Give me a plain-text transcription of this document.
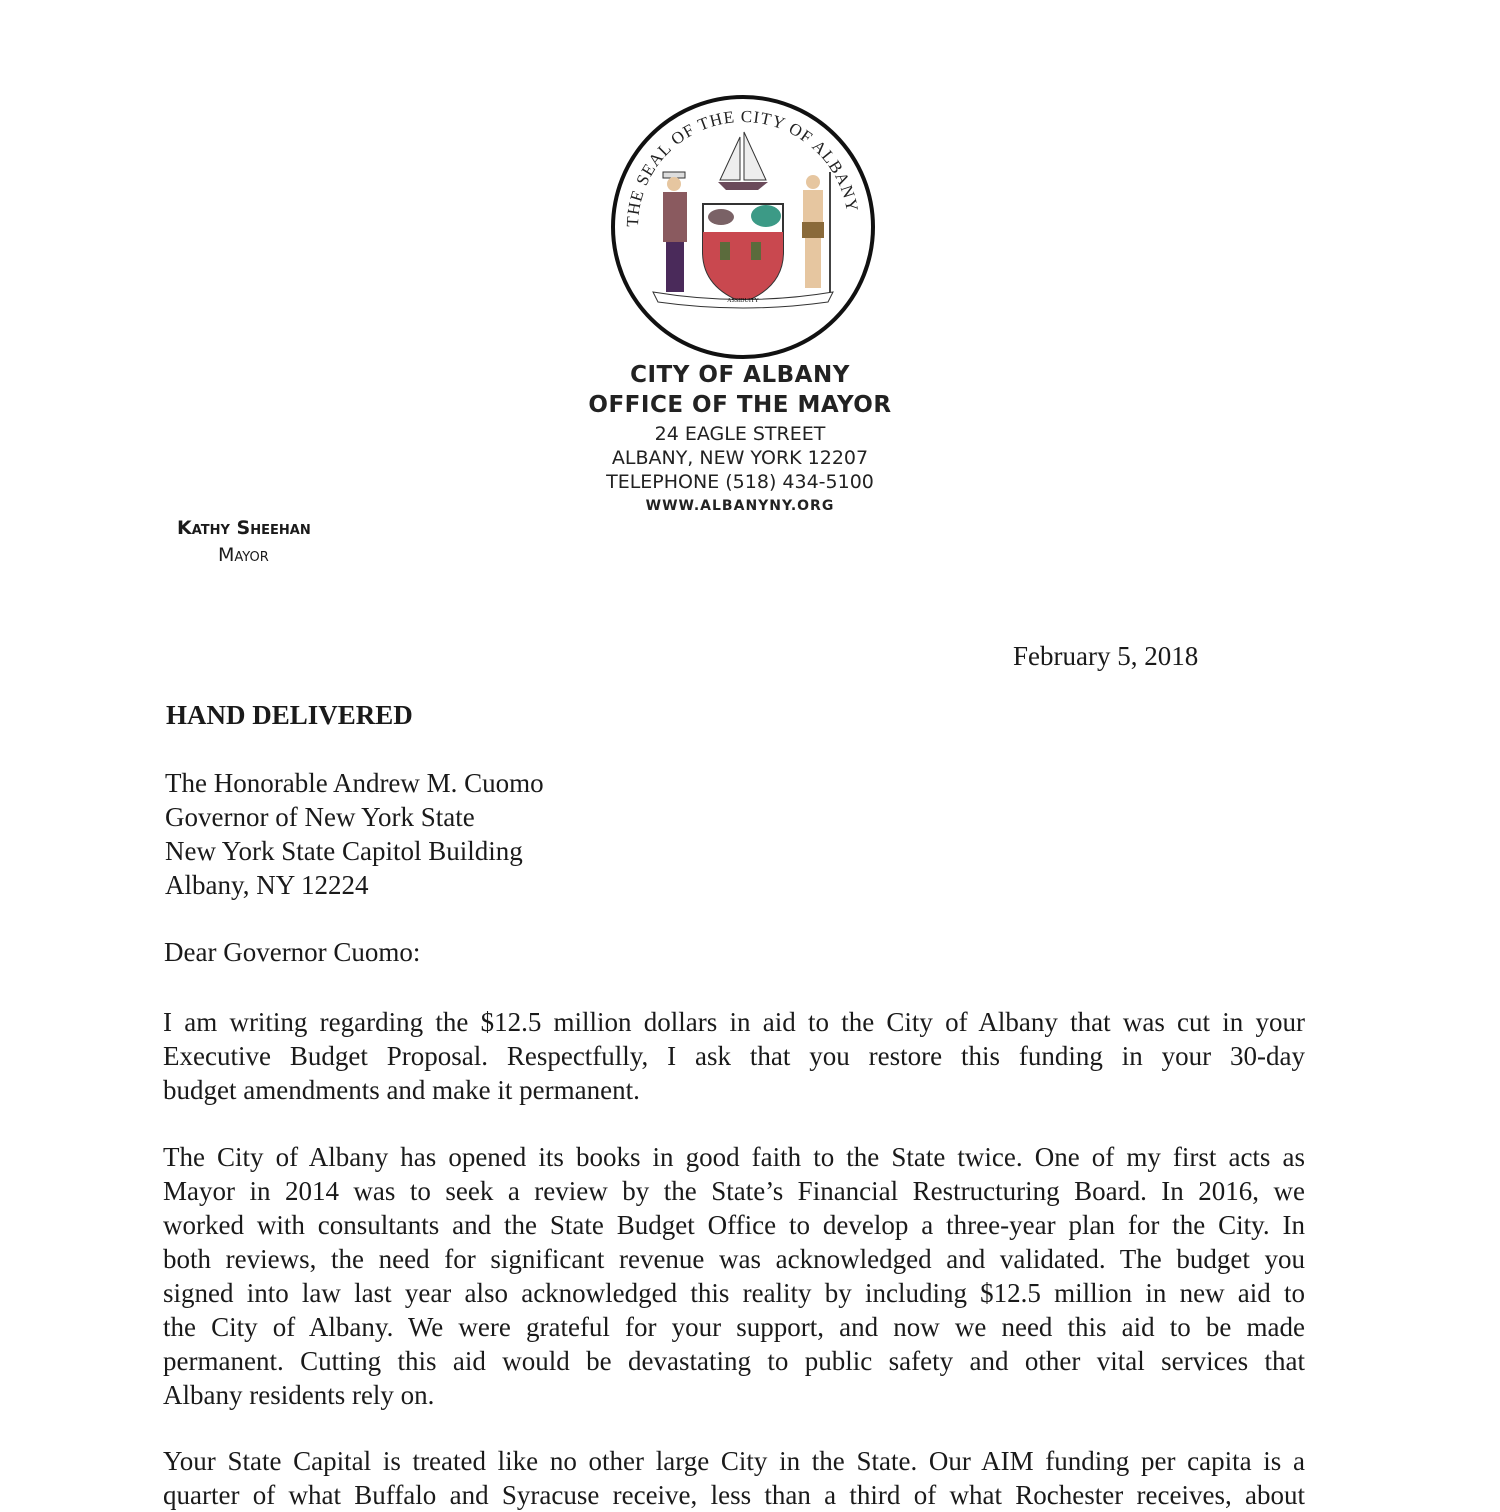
THE SEAL OF THE CITY OF ALBANY
ASSIDUITY
CITY OF ALBANY
OFFICE OF THE MAYOR
24 EAGLE STREET
ALBANY, NEW YORK 12207
TELEPHONE (518) 434-5100
WWW.ALBANYNY.ORG
Kathy Sheehan
Mayor
February 5, 2018
HAND DELIVERED
The Honorable Andrew M. Cuomo
Governor of New York State
New York State Capitol Building
Albany, NY 12224
Dear Governor Cuomo:
I am writing regarding the $12.5 million dollars in aid to the City of Albany that was cut in your
Executive Budget Proposal. Respectfully, I ask that you restore this funding in your 30-day
budget amendments and make it permanent.
The City of Albany has opened its books in good faith to the State twice. One of my first acts as
Mayor in 2014 was to seek a review by the State’s Financial Restructuring Board. In 2016, we
worked with consultants and the State Budget Office to develop a three-year plan for the City. In
both reviews, the need for significant revenue was acknowledged and validated. The budget you
signed into law last year also acknowledged this reality by including $12.5 million in new aid to
the City of Albany. We were grateful for your support, and now we need this aid to be made
permanent. Cutting this aid would be devastating to public safety and other vital services that
Albany residents rely on.
Your State Capital is treated like no other large City in the State. Our AIM funding per capita is a
quarter of what Buffalo and Syracuse receive, less than a third of what Rochester receives, about
